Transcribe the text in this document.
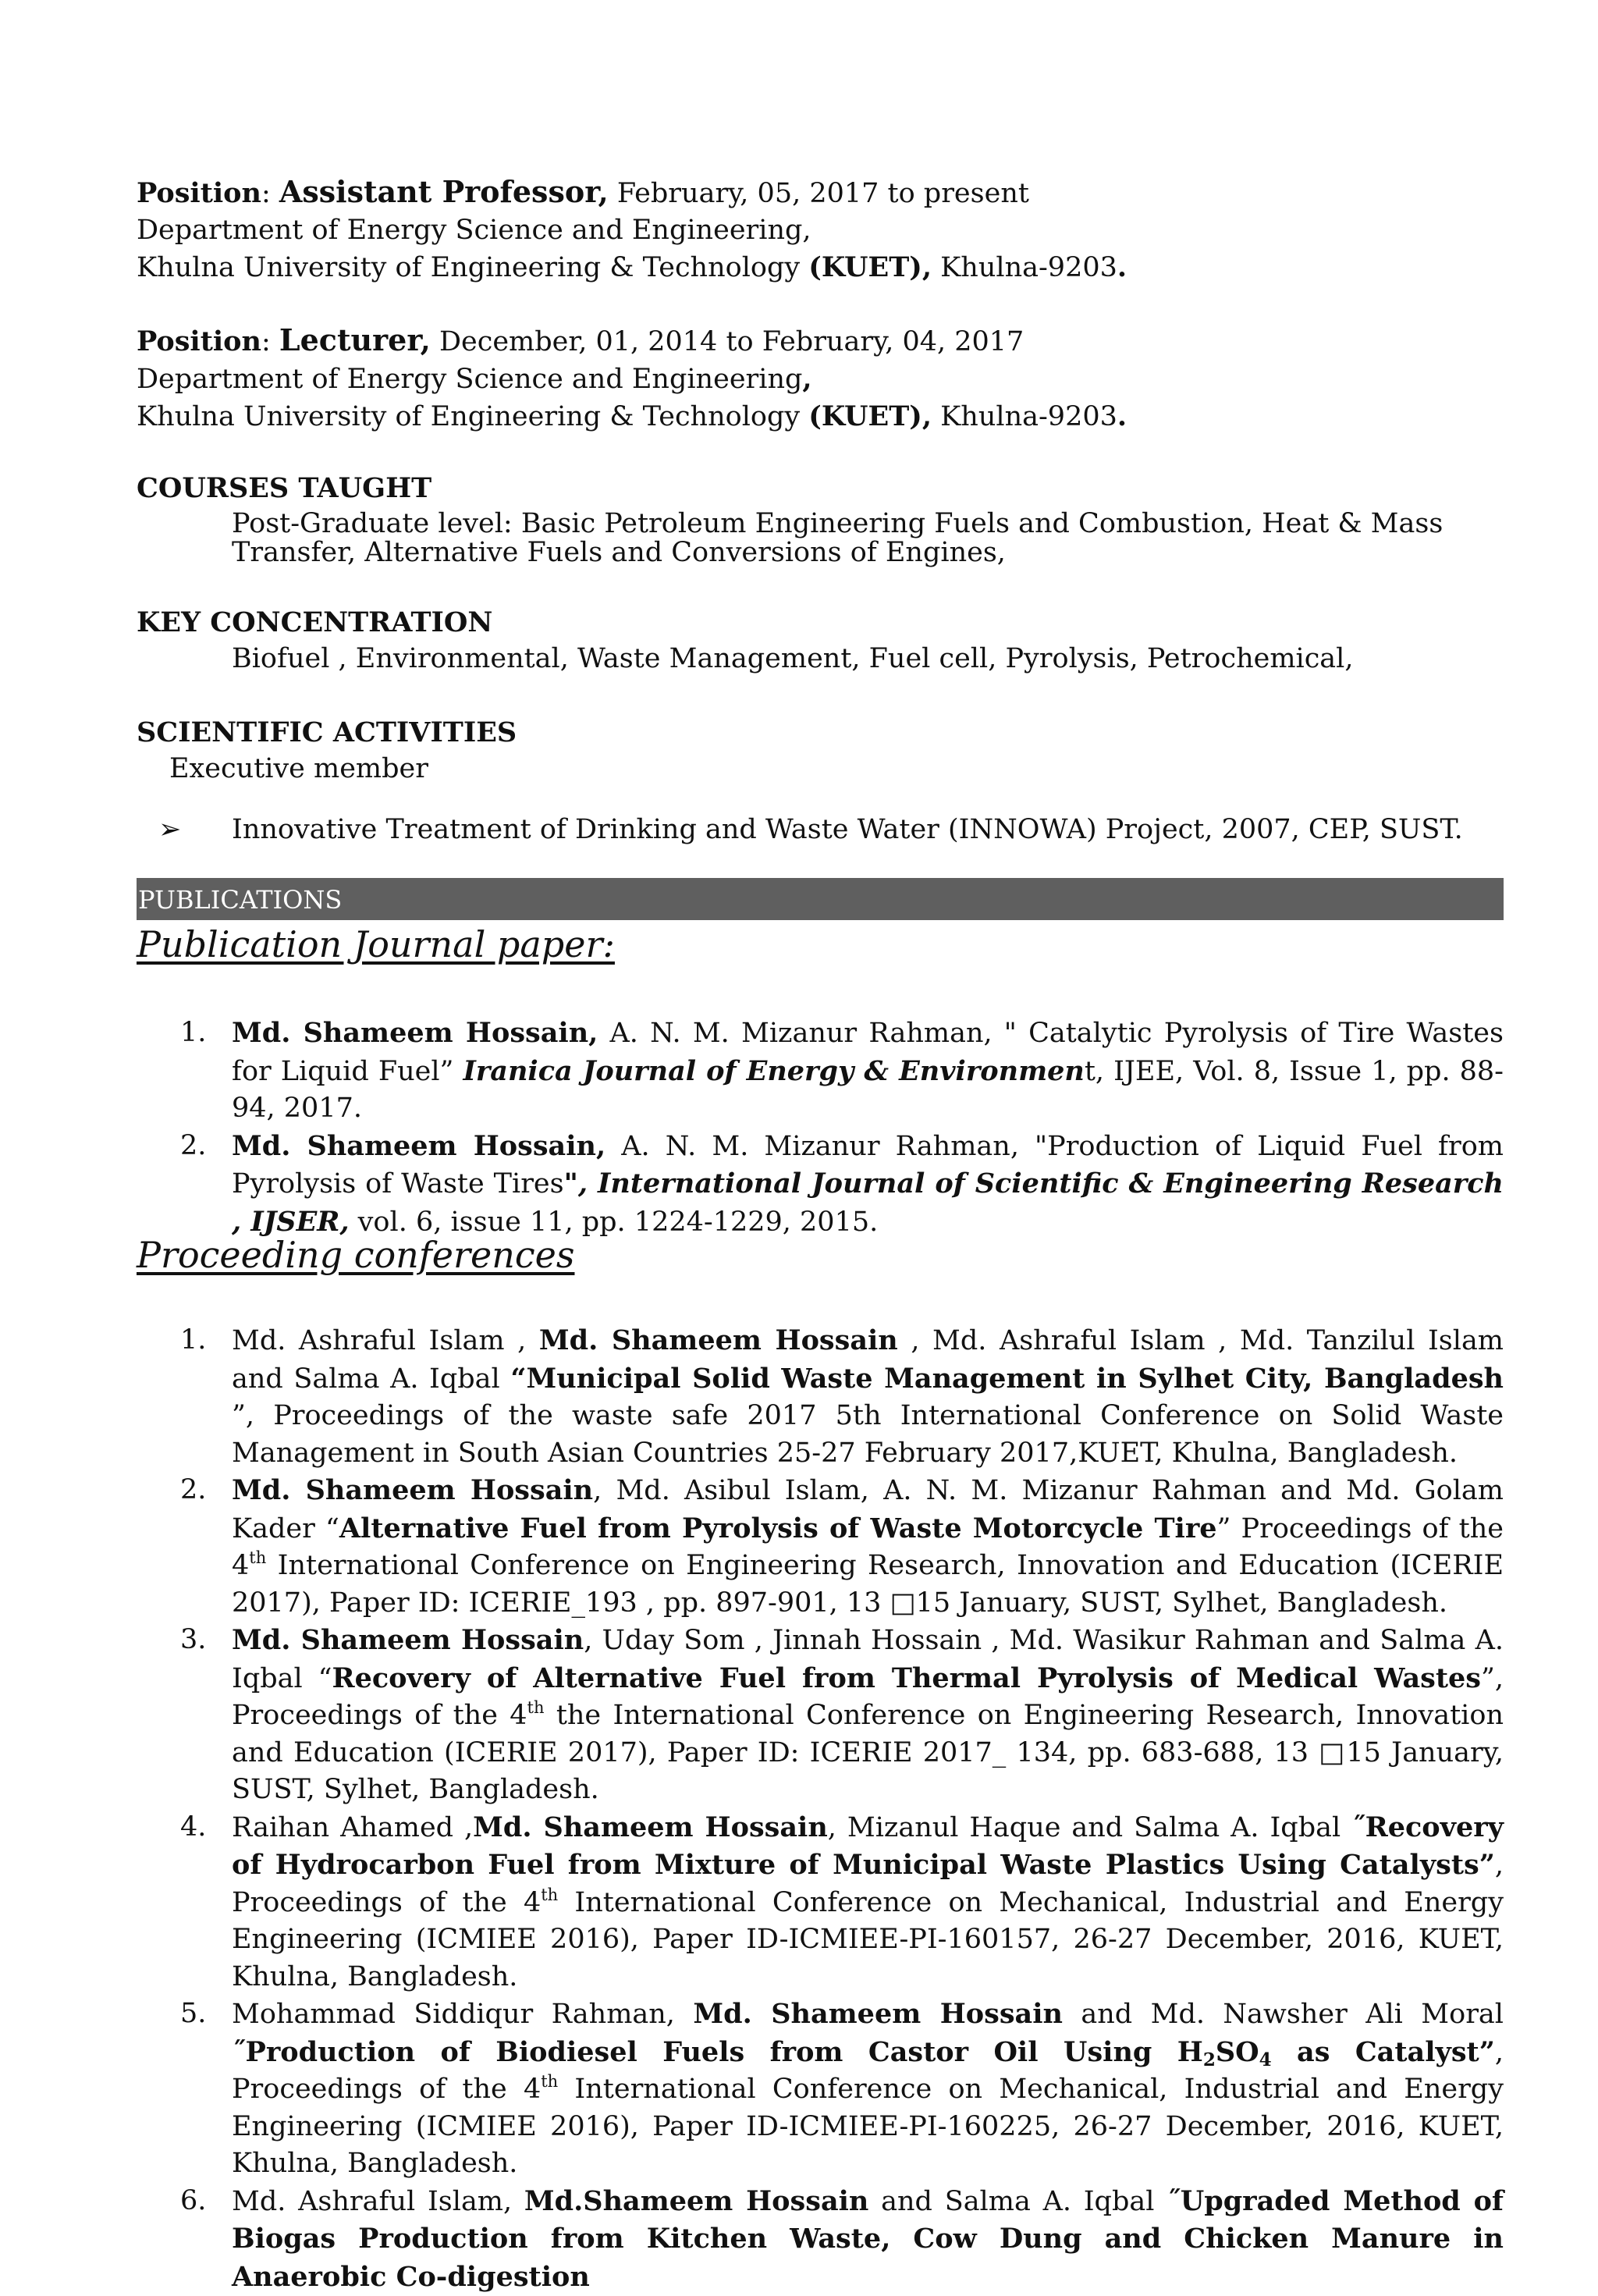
Position: Assistant Professor, February, 05, 2017 to present
Department of Energy Science and Engineering,
Khulna University of Engineering & Technology (KUET), Khulna-9203.
Position: Lecturer, December, 01, 2014 to February, 04, 2017
Department of Energy Science and Engineering,
Khulna University of Engineering & Technology (KUET), Khulna-9203.
COURSES TAUGHT
Post-Graduate level: Basic Petroleum Engineering Fuels and Combustion, Heat & Mass
Transfer, Alternative Fuels and Conversions of Engines,
KEY CONCENTRATION
Biofuel , Environmental, Waste Management, Fuel cell, Pyrolysis, Petrochemical,
SCIENTIFIC ACTIVITIES
Executive member
➢ Innovative Treatment of Drinking and Waste Water (INNOWA) Project, 2007, CEP, SUST.
PUBLICATIONS
Publication Journal paper:
1. Md. Shameem Hossain, A. N. M. Mizanur Rahman, " Catalytic Pyrolysis of Tire Wastes for Liquid Fuel” Iranica Journal of Energy & Environment, IJEE, Vol. 8, Issue 1, pp. 88-94, 2017.
2. Md. Shameem Hossain, A. N. M. Mizanur Rahman, "Production of Liquid Fuel from Pyrolysis of Waste Tires", International Journal of Scientific & Engineering Research , IJSER, vol. 6, issue 11, pp. 1224-1229, 2015.
Proceeding conferences
1. Md. Ashraful Islam , Md. Shameem Hossain , Md. Ashraful Islam , Md. Tanzilul Islam and Salma A. Iqbal “Municipal Solid Waste Management in Sylhet City, Bangladesh ”, Proceedings of the waste safe 2017 5th International Conference on Solid Waste Management in South Asian Countries 25-27 February 2017,KUET, Khulna, Bangladesh.
2. Md. Shameem Hossain, Md. Asibul Islam, A. N. M. Mizanur Rahman and Md. Golam Kader “Alternative Fuel from Pyrolysis of Waste Motorcycle Tire” Proceedings of the 4th International Conference on Engineering Research, Innovation and Education (ICERIE 2017), Paper ID: ICERIE_193 , pp. 897-901, 13 □15 January, SUST, Sylhet, Bangladesh.
3. Md. Shameem Hossain, Uday Som , Jinnah Hossain , Md. Wasikur Rahman and Salma A. Iqbal “Recovery of Alternative Fuel from Thermal Pyrolysis of Medical Wastes”, Proceedings of the 4th the International Conference on Engineering Research, Innovation and Education (ICERIE 2017), Paper ID: ICERIE 2017_ 134, pp. 683-688, 13 □15 January, SUST, Sylhet, Bangladesh.
4. Raihan Ahamed ,Md. Shameem Hossain, Mizanul Haque and Salma A. Iqbal ˝Recovery of Hydrocarbon Fuel from Mixture of Municipal Waste Plastics Using Catalysts”, Proceedings of the 4th International Conference on Mechanical, Industrial and Energy Engineering (ICMIEE 2016), Paper ID-ICMIEE-PI-160157, 26-27 December, 2016, KUET, Khulna, Bangladesh.
5. Mohammad Siddiqur Rahman, Md. Shameem Hossain and Md. Nawsher Ali Moral ˝Production of Biodiesel Fuels from Castor Oil Using $H_2SO_4$ as Catalyst”, Proceedings of the 4th International Conference on Mechanical, Industrial and Energy Engineering (ICMIEE 2016), Paper ID-ICMIEE-PI-160225, 26-27 December, 2016, KUET, Khulna, Bangladesh.
6. Md. Ashraful Islam, Md.Shameem Hossain and Salma A. Iqbal ˝Upgraded Method of Biogas Production from Kitchen Waste, Cow Dung and Chicken Manure in Anaerobic Co-digestion
